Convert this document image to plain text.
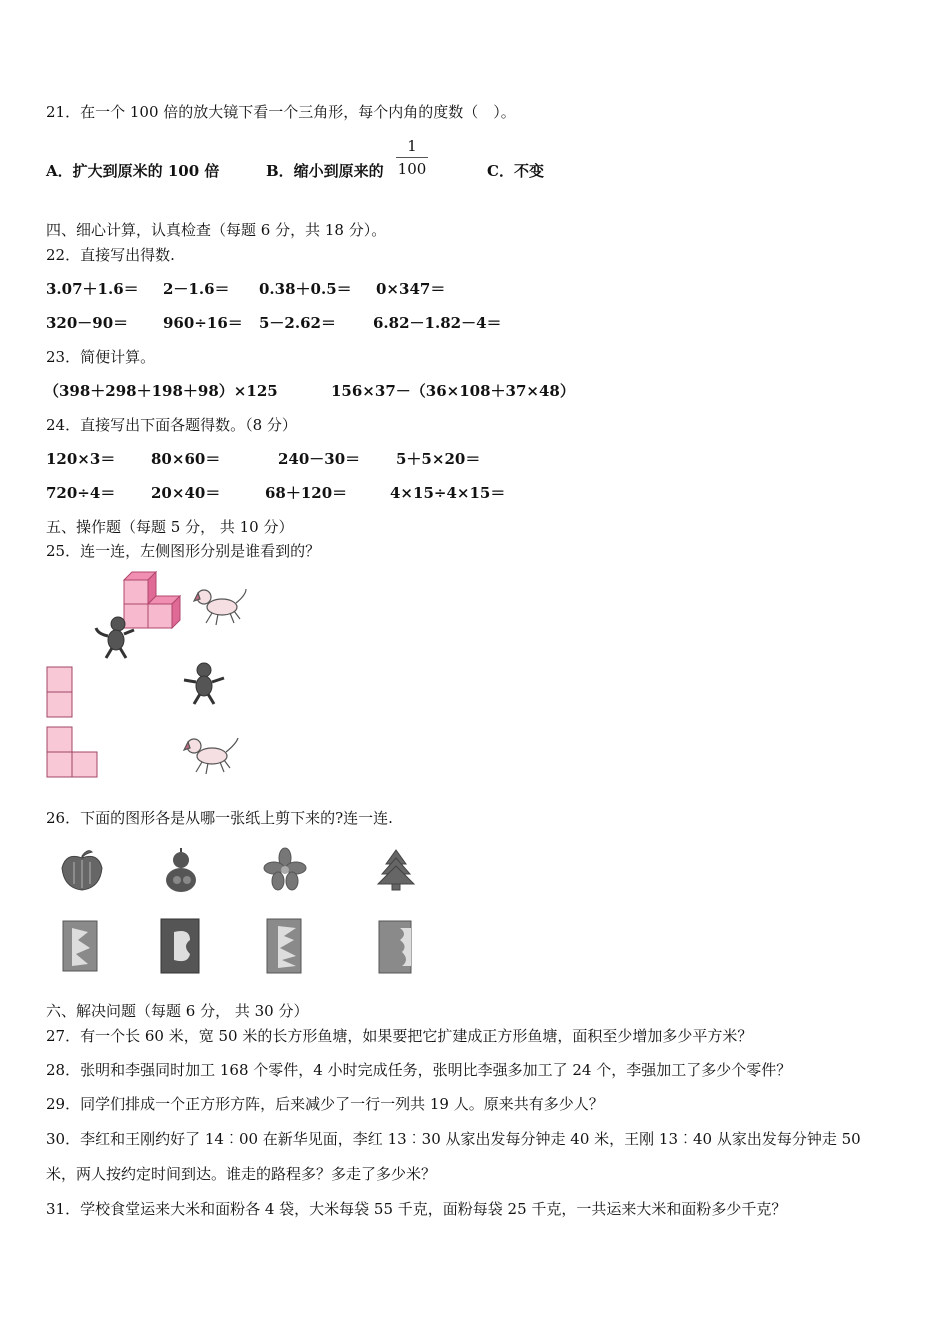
21．在一个 100 倍的放大镜下看一个三角形，每个内角的度数（　）。
A．扩大到原米的 100 倍	B．缩小到原来的
1
100	C．不变
四、细心计算，认真检查（每题 6 分，共 18 分）。
22．直接写出得数.
3.07＋1.6＝ 2－1.6＝ 0.38＋0.5＝ 0×347＝
320－90＝ 960÷16＝ 5－2.62＝ 6.82－1.82－4＝
23．简便计算。
（398＋298＋198＋98）×125	156×37－（36×108＋37×48）
24．直接写出下面各题得数。（8 分）
120×3＝ 80×60＝	240－30＝ 5＋5×20＝
720÷4＝ 20×40＝	68＋120＝	4×15÷4×15＝
五、操作题（每题 5 分， 共 10 分）
25．连一连，左侧图形分别是谁看到的？
26．下面的图形各是从哪一张纸上剪下来的?连一连.
六、解决问题（每题 6 分， 共 30 分）
27．有一个长 60 米，宽 50 米的长方形鱼塘，如果要把它扩建成正方形鱼塘，面积至少增加多少平方米？
28．张明和李强同时加工 168 个零件，4 小时完成任务，张明比李强多加工了 24 个，李强加工了多少个零件？
29．同学们排成一个正方形方阵，后来减少了一行一列共 19 人。原来共有多少人？
30．李红和王刚约好了 14︰00 在新华见面，李红 13︰30 从家出发每分钟走 40 米，王刚 13︰40 从家出发每分钟走 50
米，两人按约定时间到达。谁走的路程多？多走了多少米？
31．学校食堂运来大米和面粉各 4 袋，大米每袋 55 千克，面粉每袋 25 千克，一共运来大米和面粉多少千克？
